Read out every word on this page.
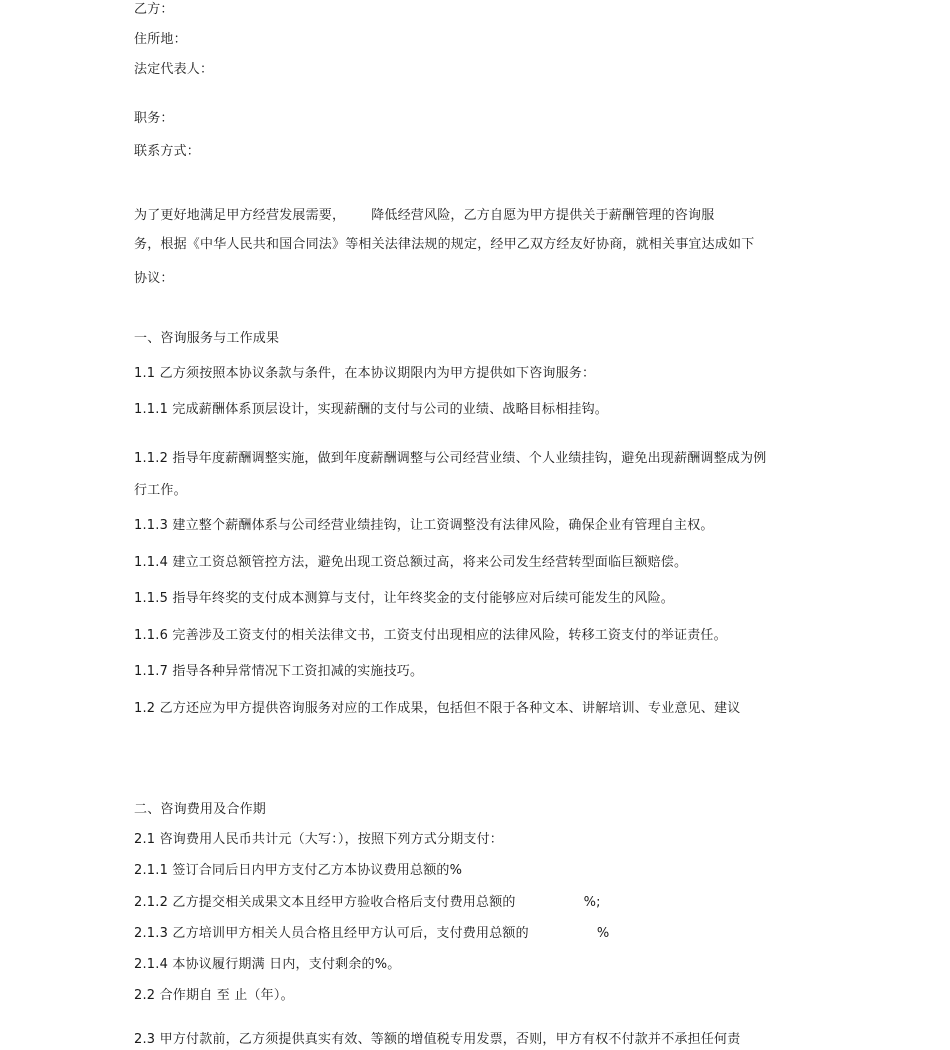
乙方：
住所地：
法定代表人：
职务：
联系方式：
为了更好地满足甲方经营发展需要， 降低经营风险，乙方自愿为甲方提供关于薪酬管理的咨询服
务，根据《中华人民共和国合同法》等相关法律法规的规定，经甲乙双方经友好协商，就相关事宜达成如下
协议：
一、咨询服务与工作成果
1.1 乙方须按照本协议条款与条件，在本协议期限内为甲方提供如下咨询服务：
1.1.1 完成薪酬体系顶层设计，实现薪酬的支付与公司的业绩、战略目标相挂钩。
1.1.2 指导年度薪酬调整实施，做到年度薪酬调整与公司经营业绩、个人业绩挂钩，避免出现薪酬调整成为例
行工作。
1.1.3 建立整个薪酬体系与公司经营业绩挂钩，让工资调整没有法律风险，确保企业有管理自主权。
1.1.4 建立工资总额管控方法，避免出现工资总额过高，将来公司发生经营转型面临巨额赔偿。
1.1.5 指导年终奖的支付成本测算与支付，让年终奖金的支付能够应对后续可能发生的风险。
1.1.6 完善涉及工资支付的相关法律文书，工资支付出现相应的法律风险，转移工资支付的举证责任。
1.1.7 指导各种异常情况下工资扣减的实施技巧。
1.2 乙方还应为甲方提供咨询服务对应的工作成果，包括但不限于各种文本、讲解培训、专业意见、建议
二、咨询费用及合作期
2.1 咨询费用人民币共计元（大写：），按照下列方式分期支付：
2.1.1 签订合同后日内甲方支付乙方本协议费用总额的%
2.1.2 乙方提交相关成果文本且经甲方验收合格后支付费用总额的	%;
2.1.3 乙方培训甲方相关人员合格且经甲方认可后，支付费用总额的	%
2.1.4 本协议履行期满 日内，支付剩余的%。
2.2 合作期自 至 止（年）。
2.3 甲方付款前，乙方须提供真实有效、等额的增值税专用发票，否则，甲方有权不付款并不承担任何责
